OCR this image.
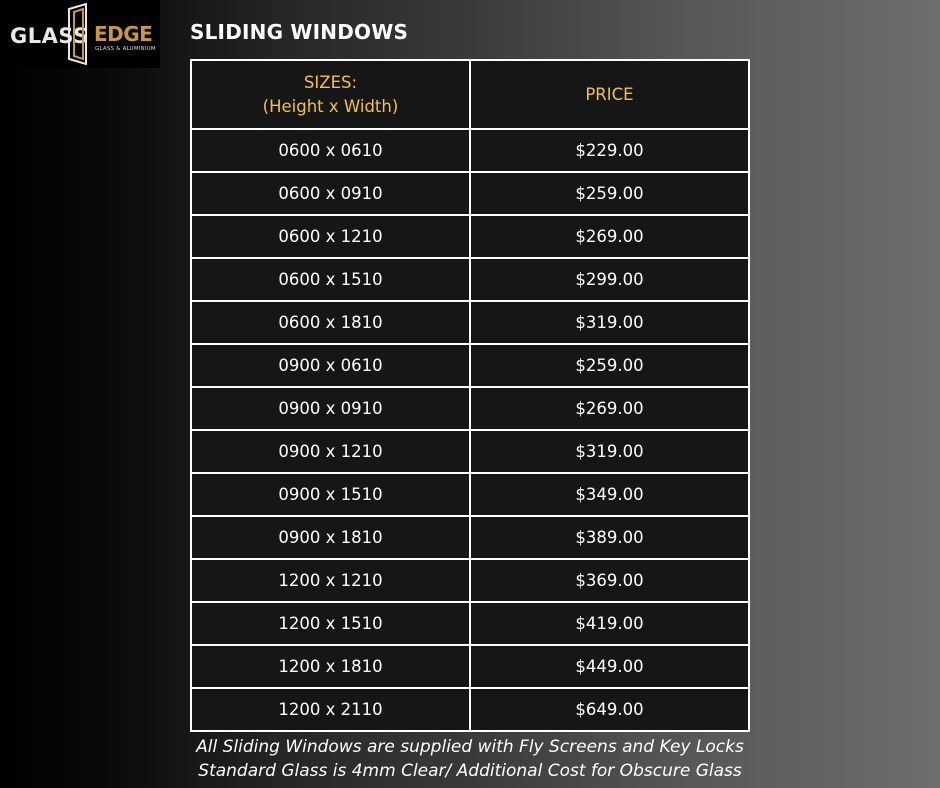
GLASS EDGE
GLASS & ALUMINIUM
SLIDING WINDOWS
SIZES:
(Height x Width)	PRICE
0600 x 0610	$229.00
0600 x 0910	$259.00
0600 x 1210	$269.00
0600 x 1510	$299.00
0600 x 1810	$319.00
0900 x 0610	$259.00
0900 x 0910	$269.00
0900 x 1210	$319.00
0900 x 1510	$349.00
0900 x 1810	$389.00
1200 x 1210	$369.00
1200 x 1510	$419.00
1200 x 1810	$449.00
1200 x 2110	$649.00
All Sliding Windows are supplied with Fly Screens and Key Locks
Standard Glass is 4mm Clear/ Additional Cost for Obscure Glass
